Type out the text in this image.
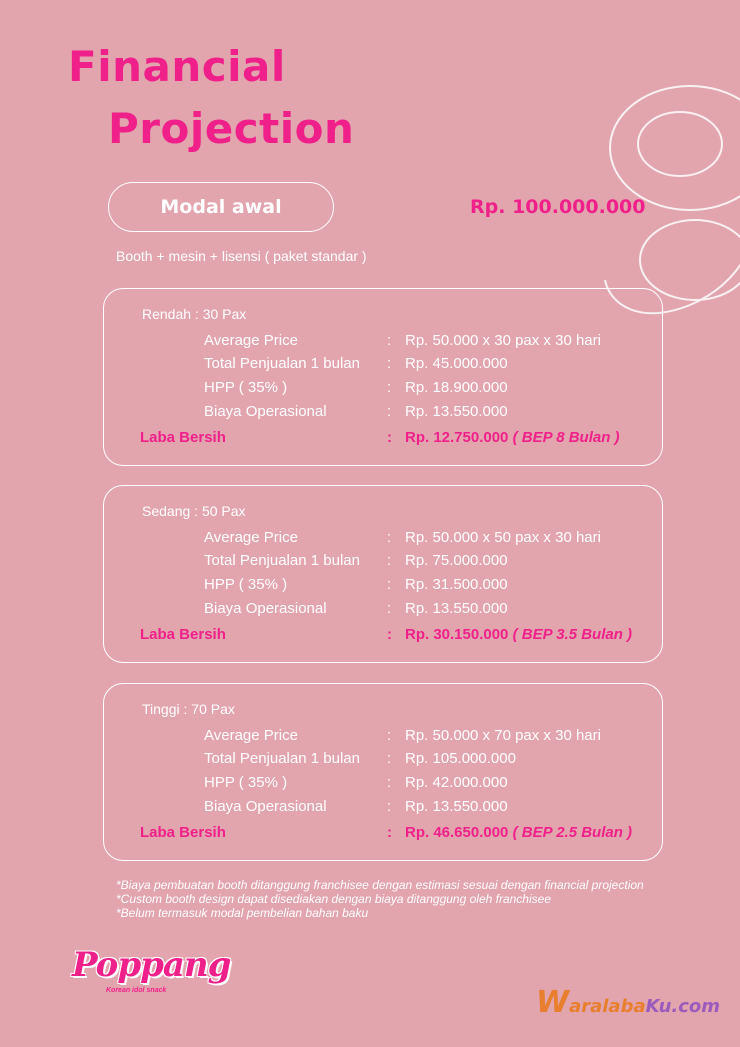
Financial
Projection
Modal awal	Rp. 100.000.000
Booth + mesin + lisensi ( paket standar )
Rendah : 30 Pax
Average Price	: Rp. 50.000 x 30 pax x 30 hari
Total Penjualan 1 bulan : Rp. 45.000.000
HPP ( 35% )	: Rp. 18.900.000
Biaya Operasional	: Rp. 13.550.000
Laba Bersih	: Rp. 12.750.000 ( BEP 8 Bulan )
Sedang : 50 Pax
Average Price	: Rp. 50.000 x 50 pax x 30 hari
Total Penjualan 1 bulan : Rp. 75.000.000
HPP ( 35% )	: Rp. 31.500.000
Biaya Operasional	: Rp. 13.550.000
Laba Bersih	: Rp. 30.150.000 ( BEP 3.5 Bulan )
Tinggi : 70 Pax
Average Price	: Rp. 50.000 x 70 pax x 30 hari
Total Penjualan 1 bulan : Rp. 105.000.000
HPP ( 35% )	: Rp. 42.000.000
Biaya Operasional	: Rp. 13.550.000
Laba Bersih	: Rp. 46.650.000 ( BEP 2.5 Bulan )
*Biaya pembuatan booth ditanggung franchisee dengan estimasi sesuai dengan financial projection
*Custom booth design dapat disediakan dengan biaya ditanggung oleh franchisee
*Belum termasuk modal pembelian bahan baku
Poppang
Korean idol snack	WaralabaKu.com
